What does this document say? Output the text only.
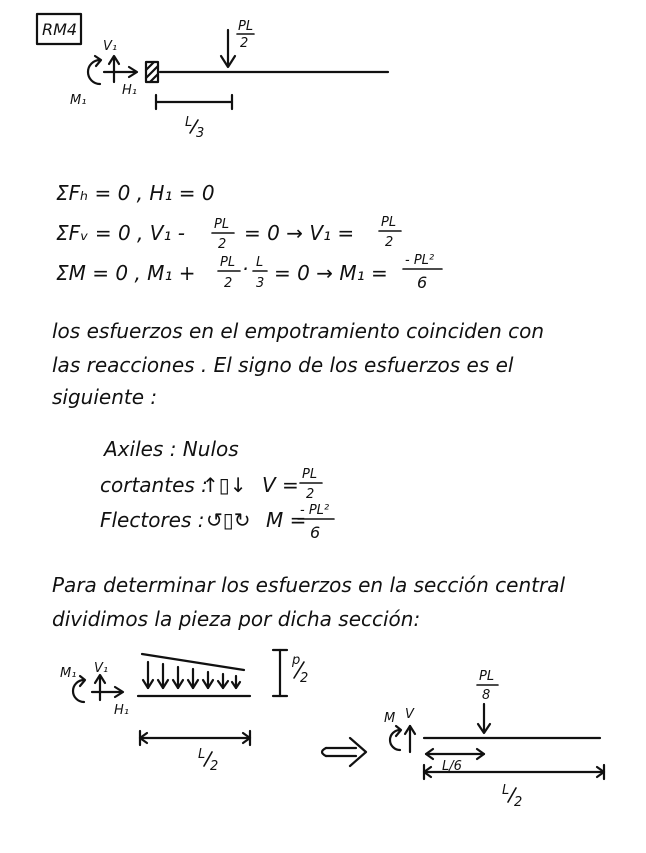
RM4	PL
2
V₁
H₁
M₁
L
3
ΣFₕ = 0 , H₁ = 0
ΣFᵥ = 0 , V₁ - PL
2 = 0 → V₁ = PL
2
ΣM = 0 , M₁ + PL
2
· L
3 = 0 → M₁ =
- PL²
6
los esfuerzos en el empotramiento coinciden con
las reacciones . El signo de los esfuerzos es el
siguiente :
Axiles : Nulos
cortantes :
↑▯↓ V = PL
2
Flectores : ↺▯↻ M =
- PL²
6
Para determinar los esfuerzos en la sección central
dividimos la pieza por dicha sección:
p
2
M₁ V₁
H₁
L
2
PL
8
M V
L/6
L
2
